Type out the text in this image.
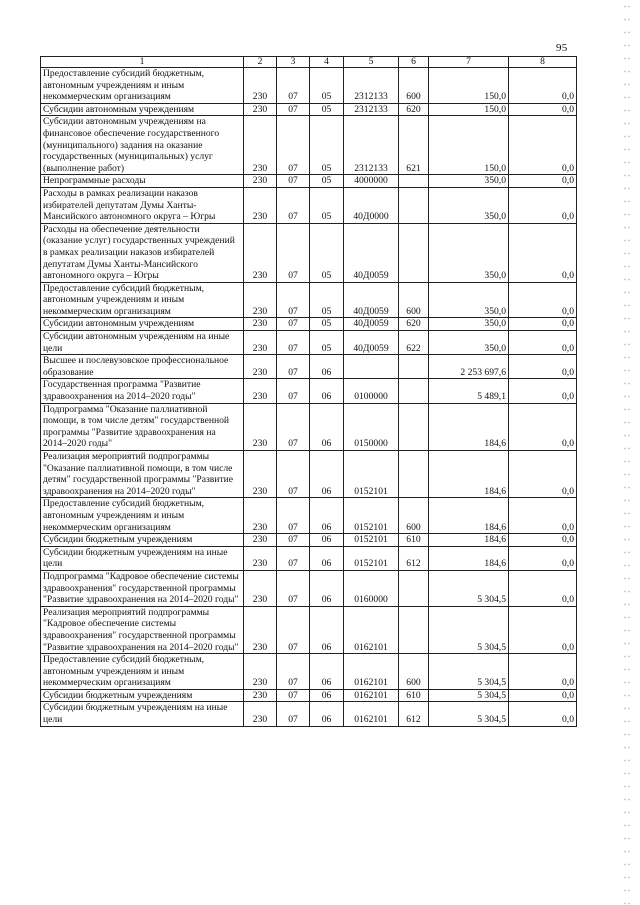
95
1	2	3	4	5	6	7	8
Предоставление субсидий бюджетным, автономным учреждениям и иным некоммерческим организациям	230	07	05	2312133	600	150,0	0,0
Субсидии автономным учреждениям	230	07	05	2312133	620	150,0	0,0
Субсидии автономным учреждениям на финансовое обеспечение государственного (муниципального) задания на оказание государственных (муниципальных) услуг (выполнение работ)	230	07	05	2312133	621	150,0	0,0
Непрограммные расходы	230	07	05	4000000		350,0	0,0
Расходы в рамках реализации наказов избирателей депутатам Думы Ханты-Мансийского автономного округа – Югры	230	07	05	40Д0000		350,0	0,0
Расходы на обеспечение деятельности (оказание услуг) государственных учреждений в рамках реализации наказов избирателей депутатам Думы Ханты-Мансийского автономного округа – Югры	230	07	05	40Д0059		350,0	0,0
Предоставление субсидий бюджетным, автономным учреждениям и иным некоммерческим организациям	230	07	05	40Д0059	600	350,0	0,0
Субсидии автономным учреждениям	230	07	05	40Д0059	620	350,0	0,0
Субсидии автономным учреждениям на иные цели	230	07	05	40Д0059	622	350,0	0,0
Высшее и послевузовское профессиональное образование	230	07	06			2 253 697,6	0,0
Государственная программа "Развитие здравоохранения на 2014–2020 годы"	230	07	06	0100000		5 489,1	0,0
Подпрограмма "Оказание паллиативной помощи, в том числе детям" государственной программы "Развитие здравоохранения на 2014–2020 годы"	230	07	06	0150000		184,6	0,0
Реализация мероприятий подпрограммы "Оказание паллиативной помощи, в том числе детям" государственной программы "Развитие здравоохранения на 2014–2020 годы"	230	07	06	0152101		184,6	0,0
Предоставление субсидий бюджетным, автономным учреждениям и иным некоммерческим организациям	230	07	06	0152101	600	184,6	0,0
Субсидии бюджетным учреждениям	230	07	06	0152101	610	184,6	0,0
Субсидии бюджетным учреждениям на иные цели	230	07	06	0152101	612	184,6	0,0
Подпрограмма "Кадровое обеспечение системы здравоохранения" государственной программы "Развитие здравоохранения на 2014–2020 годы"	230	07	06	0160000		5 304,5	0,0
Реализация мероприятий подпрограммы "Кадровое обеспечение системы здравоохранения" государственной программы "Развитие здравоохранения на 2014–2020 годы"	230	07	06	0162101		5 304,5	0,0
Предоставление субсидий бюджетным, автономным учреждениям и иным некоммерческим организациям	230	07	06	0162101	600	5 304,5	0,0
Субсидии бюджетным учреждениям	230	07	06	0162101	610	5 304,5	0,0
Субсидии бюджетным учреждениям на иные цели	230	07	06	0162101	612	5 304,5	0,0
